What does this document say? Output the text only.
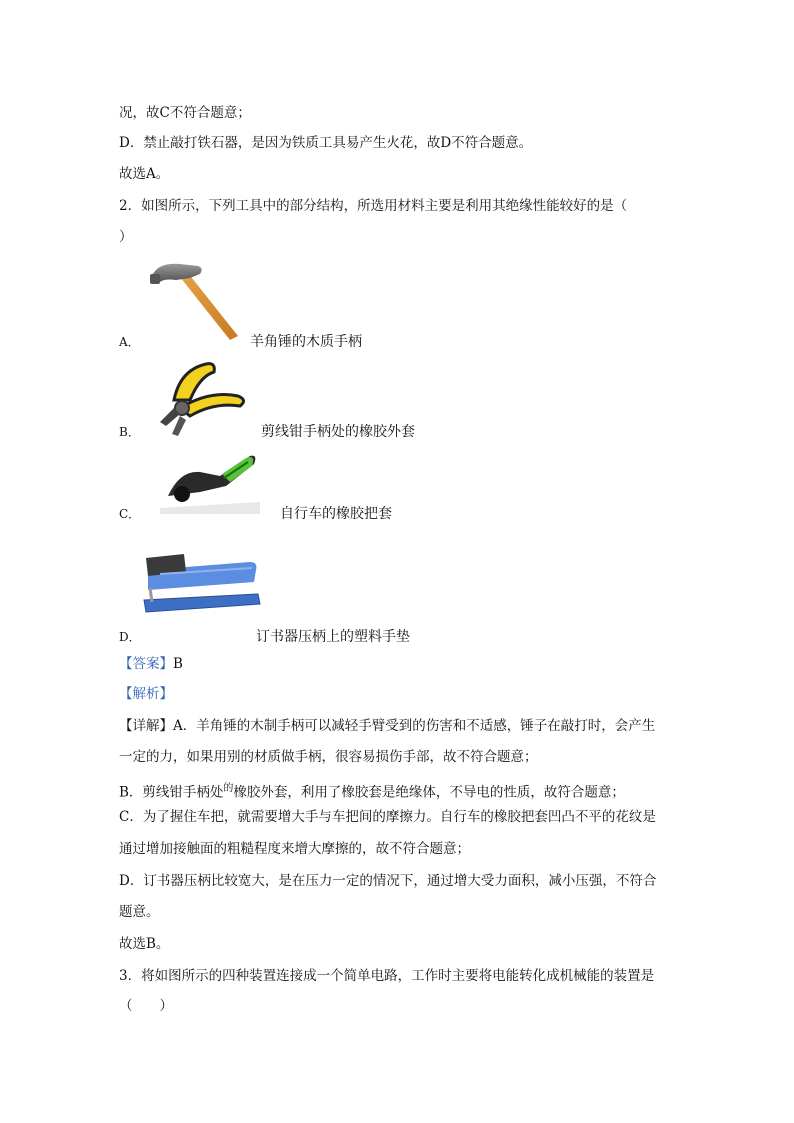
况，故C不符合题意；
D．禁止敲打铁石器，是因为铁质工具易产生火花，故D不符合题意。
故选A。
2．如图所示，下列工具中的部分结构，所选用材料主要是利用其绝缘性能较好的是（
）
A．	羊角锤的木质手柄
B．	剪线钳手柄处的橡胶外套
C．	自行车的橡胶把套
D．	订书器压柄上的塑料手垫
【答案】B
【解析】
【详解】A．羊角锤的木制手柄可以减轻手臂受到的伤害和不适感，锤子在敲打时，会产生
一定的力，如果用别的材质做手柄，很容易损伤手部，故不符合题意；
B．剪线钳手柄处$^的$橡胶外套，利用了橡胶套是绝缘体，不导电的性质，故符合题意；
C．为了握住车把，就需要增大手与车把间的摩擦力。自行车的橡胶把套凹凸不平的花纹是
通过增加接触面的粗糙程度来增大摩擦的，故不符合题意；
D．订书器压柄比较宽大，是在压力一定的情况下，通过增大受力面积，减小压强，不符合
题意。
故选B。
3．将如图所示的四种装置连接成一个简单电路，工作时主要将电能转化成机械能的装置是
（　　）
